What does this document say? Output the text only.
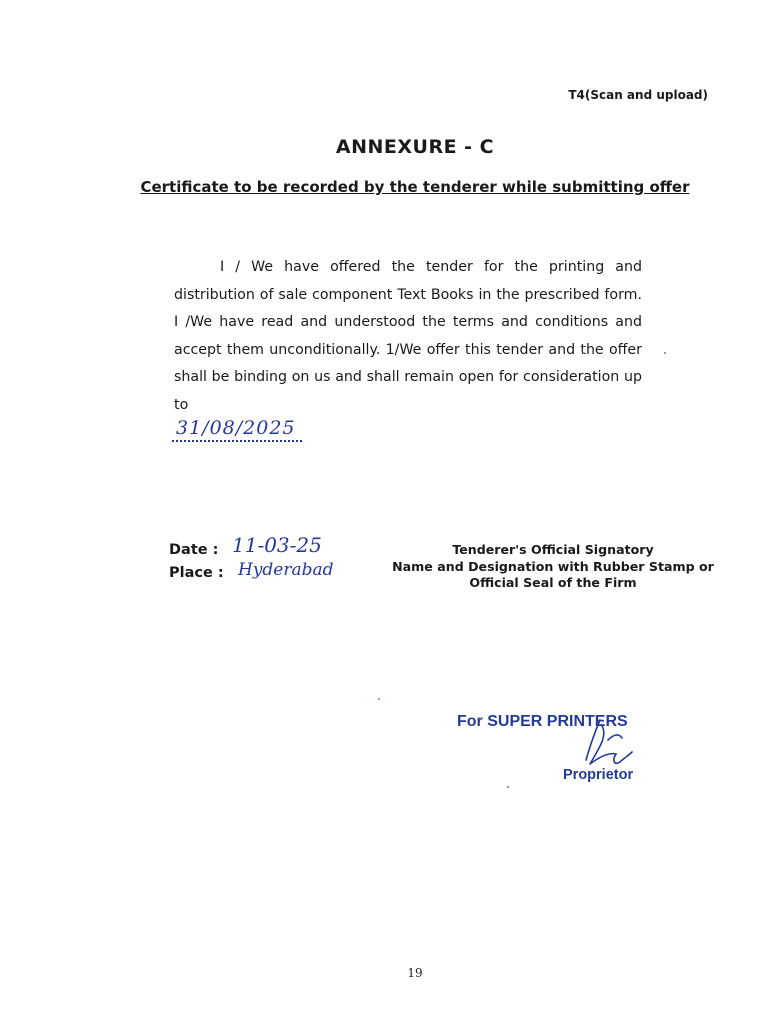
T4(Scan and upload)
ANNEXURE - C
Certificate to be recorded by the tenderer while submitting offer
I / We have offered the tender for the printing and distribution of sale component Text Books in the prescribed form. I /We have read and understood the terms and conditions and accept them unconditionally. 1/We offer this tender and the offer shall be binding on us and shall remain open for consideration up to
31/08/2025
Date : 11-03-25
Place : Hyderabad
Tenderer's Official Signatory
Name and Designation with Rubber Stamp or
Official Seal of the Firm
For SUPER PRINTERS
Proprietor
19
